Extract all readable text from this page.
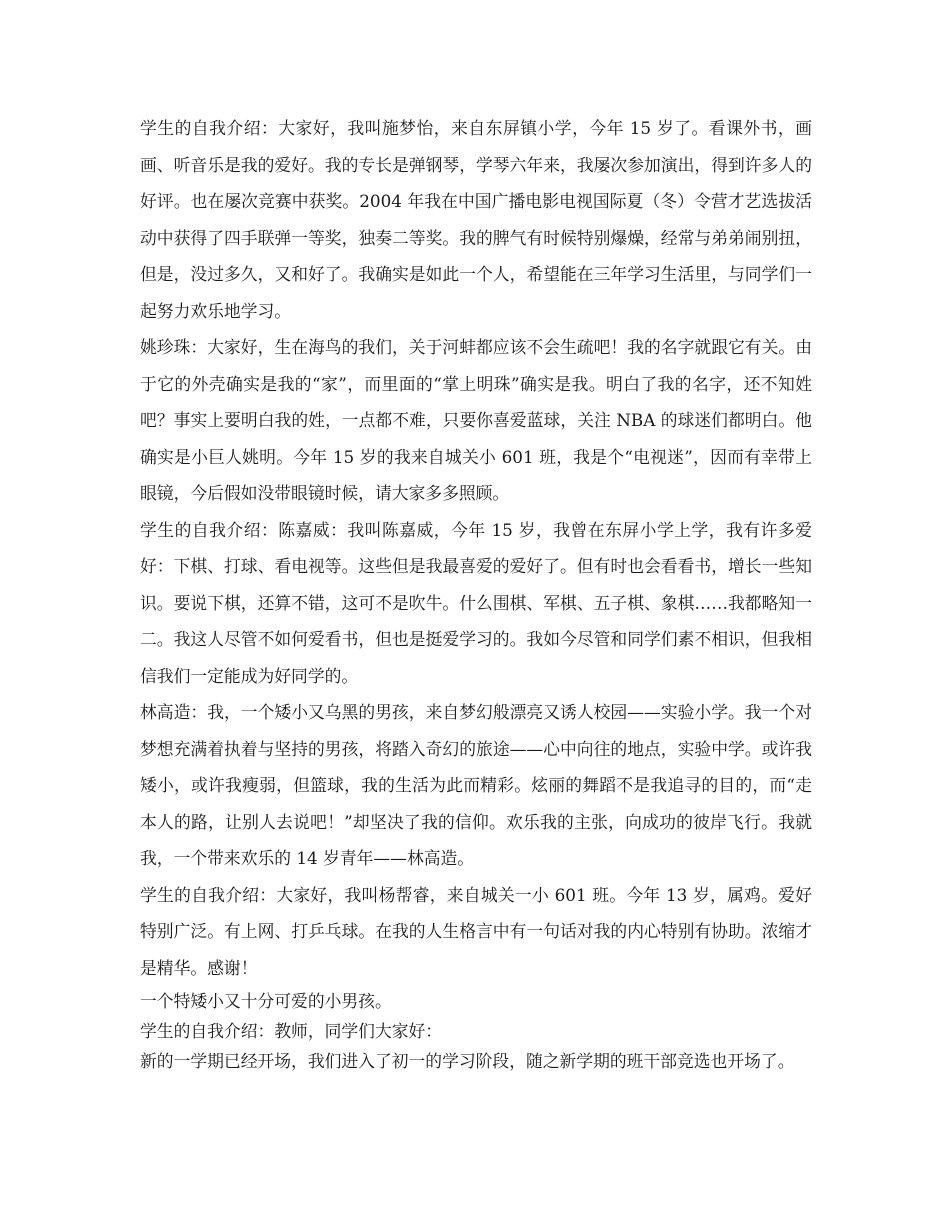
学生的自我介绍：大家好，我叫施梦怡，来自东屏镇小学，今年 15 岁了。看课外书，画画、听音乐是我的爱好。我的专长是弹钢琴，学琴六年来，我屡次参加演出，得到许多人的好评。也在屡次竞赛中获奖。2004 年我在中国广播电影电视国际夏（冬）令营才艺选拔活动中获得了四手联弹一等奖，独奏二等奖。我的脾气有时候特别爆燥，经常与弟弟闹别扭，但是，没过多久，又和好了。我确实是如此一个人，希望能在三年学习生活里，与同学们一起努力欢乐地学习。

姚珍珠：大家好，生在海鸟的我们，关于河蚌都应该不会生疏吧！我的名字就跟它有关。由于它的外壳确实是我的“家”，而里面的“掌上明珠”确实是我。明白了我的名字，还不知姓吧？事实上要明白我的姓，一点都不难，只要你喜爱蓝球，关注 NBA 的球迷们都明白。他确实是小巨人姚明。今年 15 岁的我来自城关小 601 班，我是个“电视迷”，因而有幸带上眼镜，今后假如没带眼镜时候，请大家多多照顾。

学生的自我介绍：陈嘉威：我叫陈嘉威，今年 15 岁，我曾在东屏小学上学，我有许多爱好：下棋、打球、看电视等。这些但是我最喜爱的爱好了。但有时也会看看书，增长一些知识。要说下棋，还算不错，这可不是吹牛。什么围棋、军棋、五子棋、象棋……我都略知一二。我这人尽管不如何爱看书，但也是挺爱学习的。我如今尽管和同学们素不相识，但我相信我们一定能成为好同学的。

林高造：我，一个矮小又乌黑的男孩，来自梦幻般漂亮又诱人校园——实验小学。我一个对梦想充满着执着与坚持的男孩，将踏入奇幻的旅途——心中向往的地点，实验中学。或许我矮小，或许我瘦弱，但篮球，我的生活为此而精彩。炫丽的舞蹈不是我追寻的目的，而“走本人的路，让别人去说吧！”却坚决了我的信仰。欢乐我的主张，向成功的彼岸飞行。我就我，一个带来欢乐的 14 岁青年——林高造。

学生的自我介绍：大家好，我叫杨帮睿，来自城关一小 601 班。今年 13 岁，属鸡。爱好特别广泛。有上网、打乒乓球。在我的人生格言中有一句话对我的内心特别有协助。浓缩才是精华。感谢！

一个特矮小又十分可爱的小男孩。

学生的自我介绍：教师，同学们大家好：

新的一学期已经开场，我们进入了初一的学习阶段，随之新学期的班干部竞选也开场了。
